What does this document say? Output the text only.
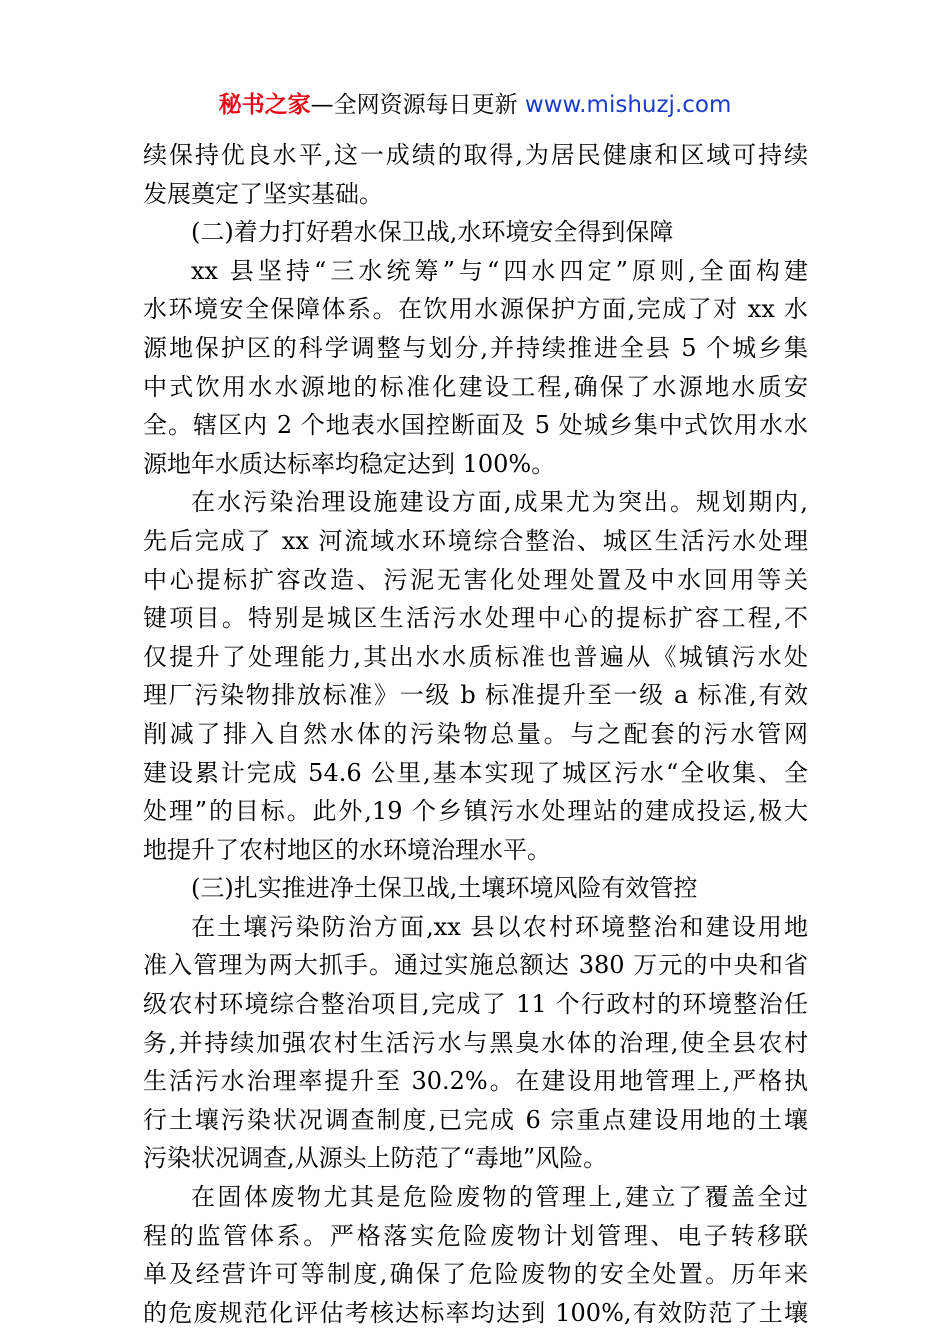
秘书之家—全网资源每日更新 www.mishuzj.com
续保持优良水平,这一成绩的取得,为居民健康和区域可持续
发展奠定了坚实基础。
(二)着力打好碧水保卫战,水环境安全得到保障
xx 县坚持“三水统筹”与“四水四定”原则,全面构建
水环境安全保障体系。在饮用水源保护方面,完成了对 xx 水
源地保护区的科学调整与划分,并持续推进全县 5 个城乡集
中式饮用水水源地的标准化建设工程,确保了水源地水质安
全。辖区内 2 个地表水国控断面及 5 处城乡集中式饮用水水
源地年水质达标率均稳定达到 100%。
在水污染治理设施建设方面,成果尤为突出。规划期内,
先后完成了 xx 河流域水环境综合整治、城区生活污水处理
中心提标扩容改造、污泥无害化处理处置及中水回用等关
键项目。特别是城区生活污水处理中心的提标扩容工程,不
仅提升了处理能力,其出水水质标准也普遍从《城镇污水处
理厂污染物排放标准》一级 b 标准提升至一级 a 标准,有效
削减了排入自然水体的污染物总量。与之配套的污水管网
建设累计完成 54.6 公里,基本实现了城区污水“全收集、全
处理”的目标。此外,19 个乡镇污水处理站的建成投运,极大
地提升了农村地区的水环境治理水平。
(三)扎实推进净土保卫战,土壤环境风险有效管控
在土壤污染防治方面,xx 县以农村环境整治和建设用地
准入管理为两大抓手。通过实施总额达 380 万元的中央和省
级农村环境综合整治项目,完成了 11 个行政村的环境整治任
务,并持续加强农村生活污水与黑臭水体的治理,使全县农村
生活污水治理率提升至 30.2%。在建设用地管理上,严格执
行土壤污染状况调查制度,已完成 6 宗重点建设用地的土壤
污染状况调查,从源头上防范了“毒地”风险。
在固体废物尤其是危险废物的管理上,建立了覆盖全过
程的监管体系。严格落实危险废物计划管理、电子转移联
单及经营许可等制度,确保了危险废物的安全处置。历年来
的危废规范化评估考核达标率均达到 100%,有效防范了土壤
